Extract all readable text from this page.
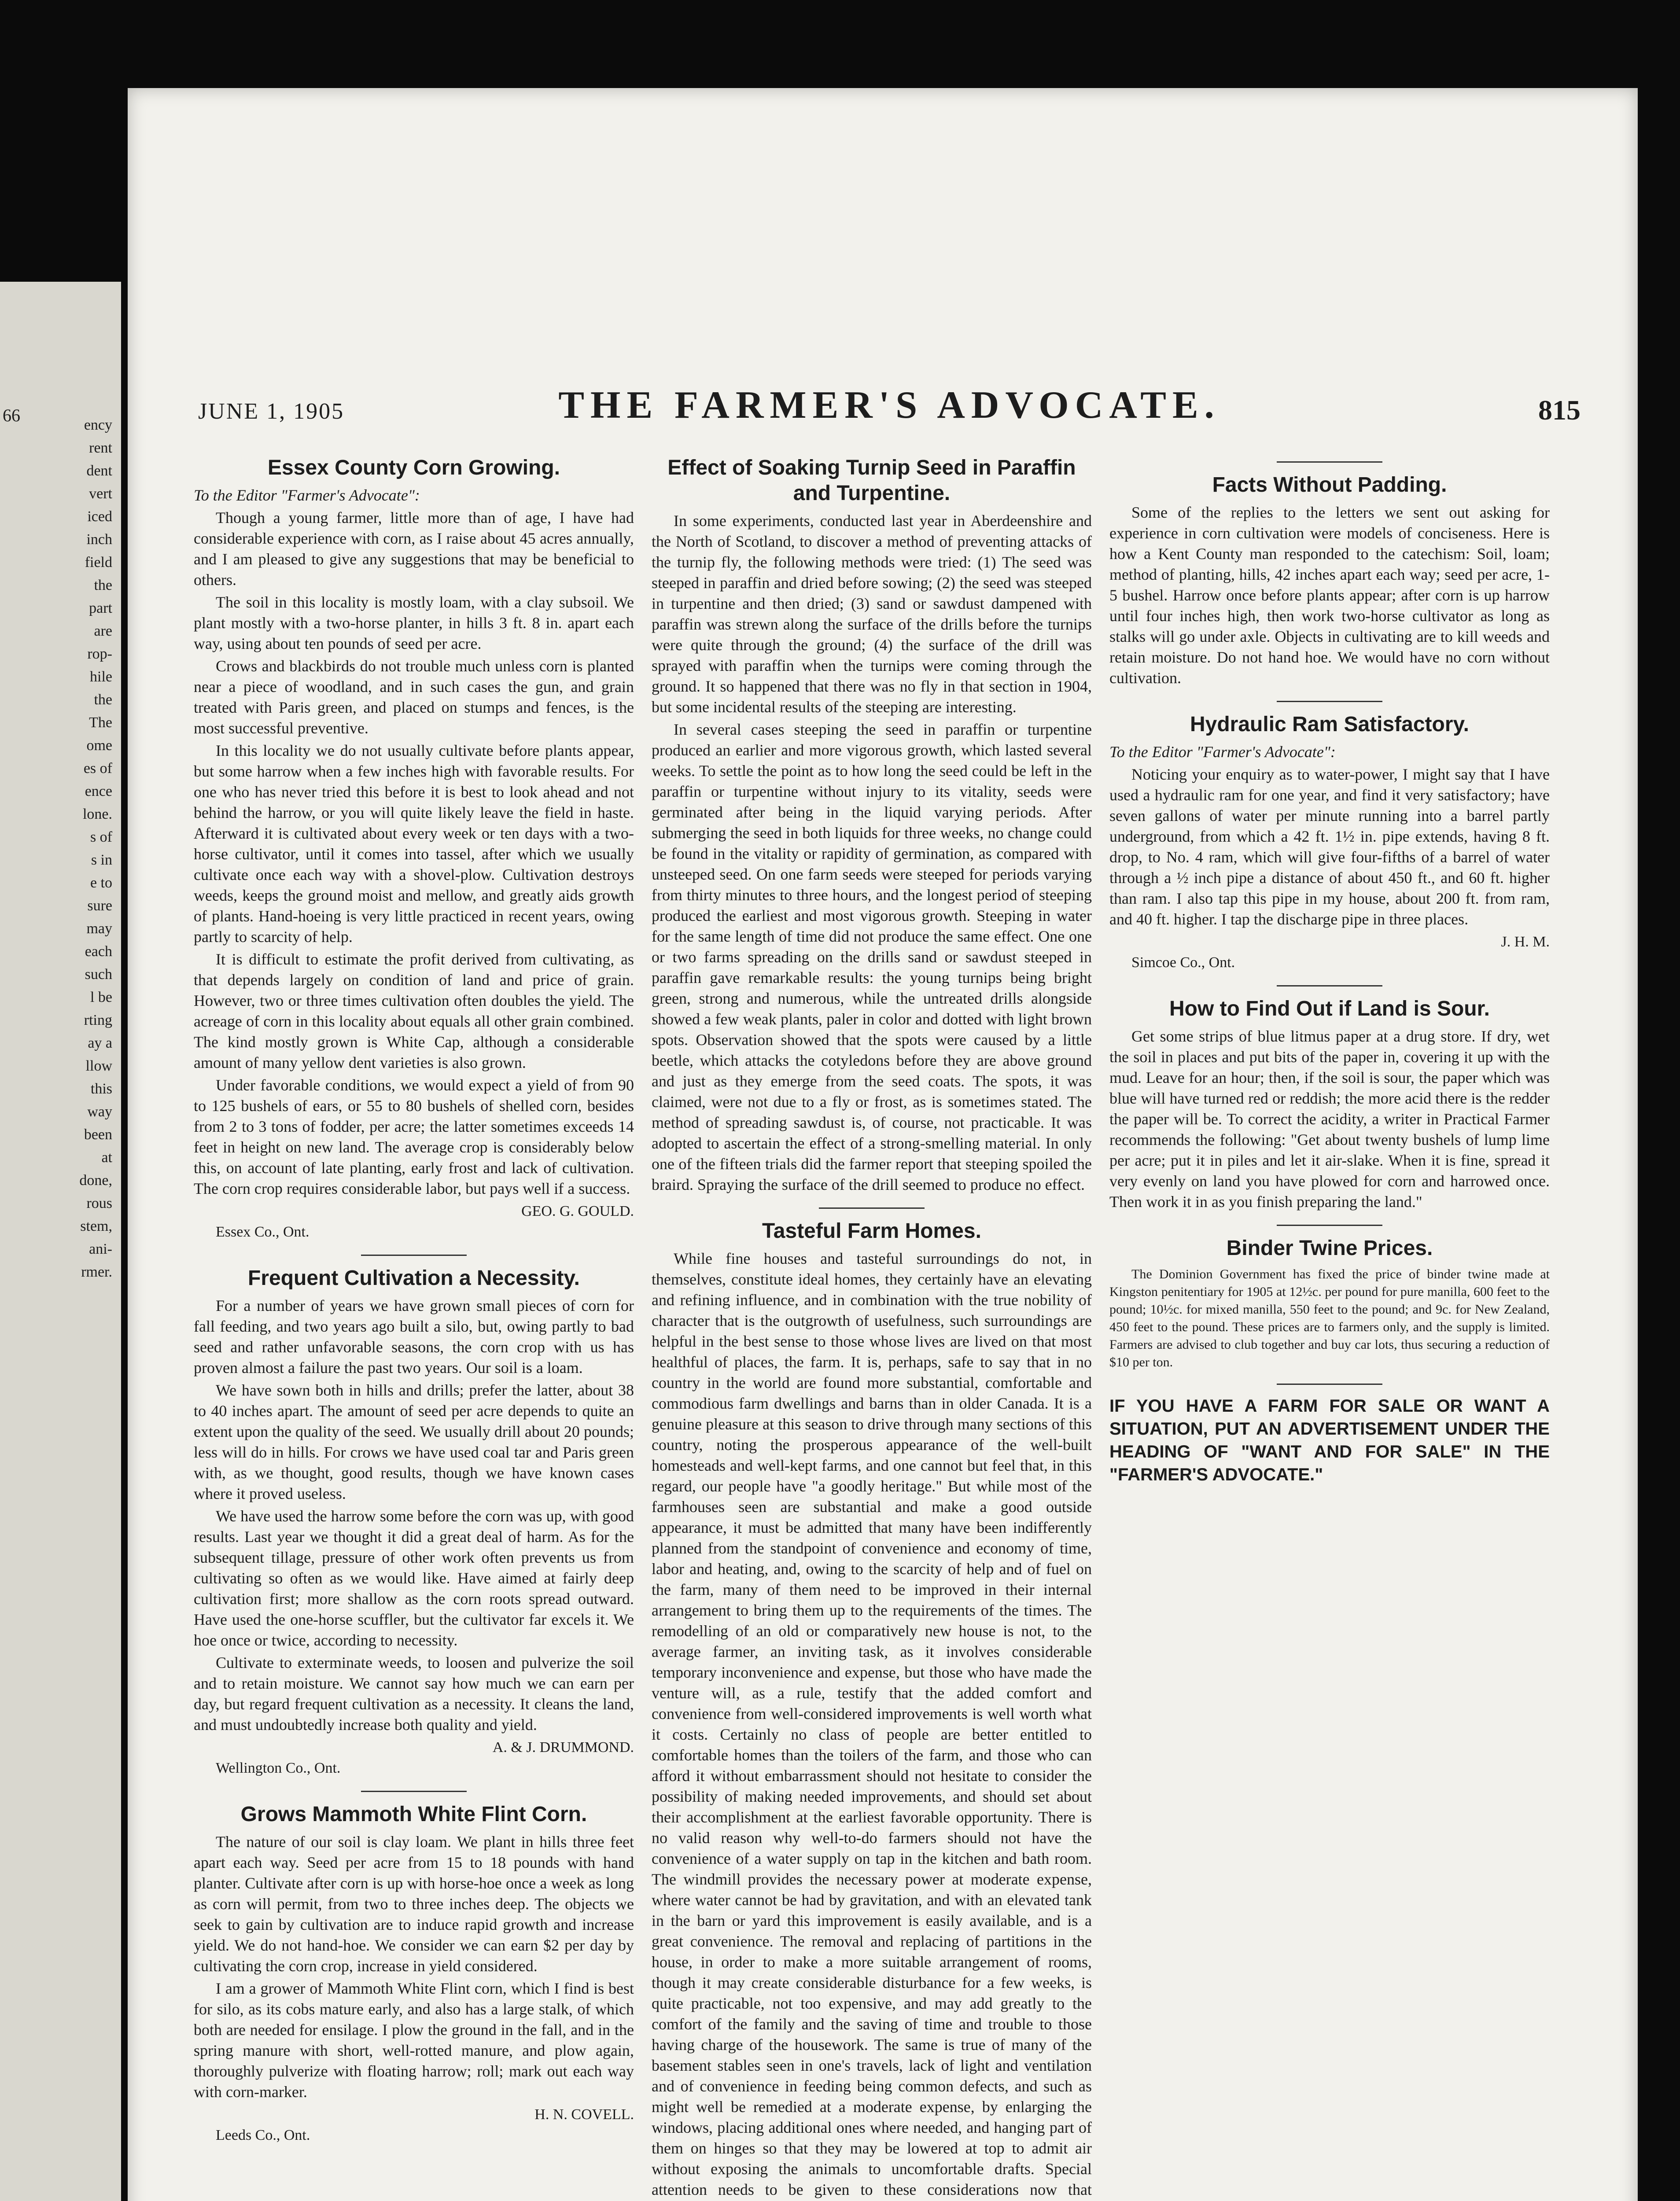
66	ency
rent
dent
vert
iced
inch
field
the
part
are
rop-
hile
the
The
ome
es of
ence
lone.
s of
s in
e to
sure
may
each
such
l be
rting
ay a
llow
this
way
been
at
done,
rous
stem,
ani-
rmer.
JUNE 1, 1905	THE FARMER'S ADVOCATE.	815
Essex County Corn Growing.

To the Editor "Farmer's Advocate":

Though a young farmer, little more than of age, I have had considerable experience with corn, as I raise about 45 acres annually, and I am pleased to give any suggestions that may be beneficial to others.

The soil in this locality is mostly loam, with a clay subsoil. We plant mostly with a two-horse planter, in hills 3 ft. 8 in. apart each way, using about ten pounds of seed per acre.

Crows and blackbirds do not trouble much unless corn is planted near a piece of woodland, and in such cases the gun, and grain treated with Paris green, and placed on stumps and fences, is the most successful preventive.

In this locality we do not usually cultivate before plants appear, but some harrow when a few inches high with favorable results. For one who has never tried this before it is best to look ahead and not behind the harrow, or you will quite likely leave the field in haste. Afterward it is cultivated about every week or ten days with a two-horse cultivator, until it comes into tassel, after which we usually cultivate once each way with a shovel-plow. Cultivation destroys weeds, keeps the ground moist and mellow, and greatly aids growth of plants. Hand-hoeing is very little practiced in recent years, owing partly to scarcity of help.

It is difficult to estimate the profit derived from cultivating, as that depends largely on condition of land and price of grain. However, two or three times cultivation often doubles the yield. The acreage of corn in this locality about equals all other grain combined. The kind mostly grown is White Cap, although a considerable amount of many yellow dent varieties is also grown.

Under favorable conditions, we would expect a yield of from 90 to 125 bushels of ears, or 55 to 80 bushels of shelled corn, besides from 2 to 3 tons of fodder, per acre; the latter sometimes exceeds 14 feet in height on new land. The average crop is considerably below this, on account of late planting, early frost and lack of cultivation. The corn crop requires considerable labor, but pays well if a success.

GEO. G. GOULD.

Essex Co., Ont.

Frequent Cultivation a Necessity.

For a number of years we have grown small pieces of corn for fall feeding, and two years ago built a silo, but, owing partly to bad seed and rather unfavorable seasons, the corn crop with us has proven almost a failure the past two years. Our soil is a loam.

We have sown both in hills and drills; prefer the latter, about 38 to 40 inches apart. The amount of seed per acre depends to quite an extent upon the quality of the seed. We usually drill about 20 pounds; less will do in hills. For crows we have used coal tar and Paris green with, as we thought, good results, though we have known cases where it proved useless.

We have used the harrow some before the corn was up, with good results. Last year we thought it did a great deal of harm. As for the subsequent tillage, pressure of other work often prevents us from cultivating so often as we would like. Have aimed at fairly deep cultivation first; more shallow as the corn roots spread outward. Have used the one-horse scuffler, but the cultivator far excels it. We hoe once or twice, according to necessity.

Cultivate to exterminate weeds, to loosen and pulverize the soil and to retain moisture. We cannot say how much we can earn per day, but regard frequent cultivation as a necessity. It cleans the land, and must undoubtedly increase both quality and yield.

A. & J. DRUMMOND.

Wellington Co., Ont.

Grows Mammoth White Flint Corn.

The nature of our soil is clay loam. We plant in hills three feet apart each way. Seed per acre from 15 to 18 pounds with hand planter. Cultivate after corn is up with horse-hoe once a week as long as corn will permit, from two to three inches deep. The objects we seek to gain by cultivation are to induce rapid growth and increase yield. We do not hand-hoe. We consider we can earn $2 per day by cultivating the corn crop, increase in yield considered.

I am a grower of Mammoth White Flint corn, which I find is best for silo, as its cobs mature early, and also has a large stalk, of which both are needed for ensilage. I plow the ground in the fall, and in the spring manure with short, well-rotted manure, and plow again, thoroughly pulverize with floating harrow; roll; mark out each way with corn-marker.

H. N. COVELL.

Leeds Co., Ont.

Effect of Soaking Turnip Seed in Paraffin and Turpentine.

In some experiments, conducted last year in Aberdeenshire and the North of Scotland, to discover a method of preventing attacks of the turnip fly, the following methods were tried: (1) The seed was steeped in paraffin and dried before sowing; (2) the seed was steeped in turpentine and then dried; (3) sand or sawdust dampened with paraffin was strewn along the surface of the drills before the turnips were quite through the ground; (4) the surface of the drill was sprayed with paraffin when the turnips were coming through the ground. It so happened that there was no fly in that section in 1904, but some incidental results of the steeping are interesting.

In several cases steeping the seed in paraffin or turpentine produced an earlier and more vigorous growth, which lasted several weeks. To settle the point as to how long the seed could be left in the paraffin or turpentine without injury to its vitality, seeds were germinated after being in the liquid varying periods. After submerging the seed in both liquids for three weeks, no change could be found in the vitality or rapidity of germination, as compared with unsteeped seed. On one farm seeds were steeped for periods varying from thirty minutes to three hours, and the longest period of steeping produced the earliest and most vigorous growth. Steeping in water for the same length of time did not produce the same effect. One one or two farms spreading on the drills sand or sawdust steeped in paraffin gave remarkable results: the young turnips being bright green, strong and numerous, while the untreated drills alongside showed a few weak plants, paler in color and dotted with light brown spots. Observation showed that the spots were caused by a little beetle, which attacks the cotyledons before they are above ground and just as they emerge from the seed coats. The spots, it was claimed, were not due to a fly or frost, as is sometimes stated. The method of spreading sawdust is, of course, not practicable. It was adopted to ascertain the effect of a strong-smelling material. In only one of the fifteen trials did the farmer report that steeping spoiled the braird. Spraying the surface of the drill seemed to produce no effect.

Tasteful Farm Homes.

While fine houses and tasteful surroundings do not, in themselves, constitute ideal homes, they certainly have an elevating and refining influence, and in combination with the true nobility of character that is the outgrowth of usefulness, such surroundings are helpful in the best sense to those whose lives are lived on that most healthful of places, the farm. It is, perhaps, safe to say that in no country in the world are found more substantial, comfortable and commodious farm dwellings and barns than in older Canada. It is a genuine pleasure at this season to drive through many sections of this country, noting the prosperous appearance of the well-built homesteads and well-kept farms, and one cannot but feel that, in this regard, our people have "a goodly heritage." But while most of the farmhouses seen are substantial and make a good outside appearance, it must be admitted that many have been indifferently planned from the standpoint of convenience and economy of time, labor and heating, and, owing to the scarcity of help and of fuel on the farm, many of them need to be improved in their internal arrangement to bring them up to the requirements of the times. The remodelling of an old or comparatively new house is not, to the average farmer, an inviting task, as it involves considerable temporary inconvenience and expense, but those who have made the venture will, as a rule, testify that the added comfort and convenience from well-considered improvements is well worth what it costs. Certainly no class of people are better entitled to comfortable homes than the toilers of the farm, and those who can afford it without embarrassment should not hesitate to consider the possibility of making needed improvements, and should set about their accomplishment at the earliest favorable opportunity. There is no valid reason why well-to-do farmers should not have the convenience of a water supply on tap in the kitchen and bath room. The windmill provides the necessary power at moderate expense, where water cannot be had by gravitation, and with an elevated tank in the barn or yard this improvement is easily available, and is a great convenience. The removal and replacing of partitions in the house, in order to make a more suitable arrangement of rooms, though it may create considerable disturbance for a few weeks, is quite practicable, not too expensive, and may add greatly to the comfort of the family and the saving of time and trouble to those having charge of the housework. The same is true of many of the basement stables seen in one's travels, lack of light and ventilation and of convenience in feeding being common defects, and such as might well be remedied at a moderate expense, by enlarging the windows, placing additional ones where needed, and hanging part of them on hinges so that they may be lowered at top to admit air without exposing the animals to uncomfortable drafts. Special attention needs to be given to these considerations now that

Facts Without Padding.

Some of the replies to the letters we sent out asking for experience in corn cultivation were models of conciseness. Here is how a Kent County man responded to the catechism: Soil, loam; method of planting, hills, 42 inches apart each way; seed per acre, 1-5 bushel. Harrow once before plants appear; after corn is up harrow until four inches high, then work two-horse cultivator as long as stalks will go under axle. Objects in cultivating are to kill weeds and retain moisture. Do not hand hoe. We would have no corn without cultivation.

Hydraulic Ram Satisfactory.

To the Editor "Farmer's Advocate":

Noticing your enquiry as to water-power, I might say that I have used a hydraulic ram for one year, and find it very satisfactory; have seven gallons of water per minute running into a barrel partly underground, from which a 42 ft. 1½ in. pipe extends, having 8 ft. drop, to No. 4 ram, which will give four-fifths of a barrel of water through a ½ inch pipe a distance of about 450 ft., and 60 ft. higher than ram. I also tap this pipe in my house, about 200 ft. from ram, and 40 ft. higher. I tap the discharge pipe in three places.

J. H. M.

Simcoe Co., Ont.

How to Find Out if Land is Sour.

Get some strips of blue litmus paper at a drug store. If dry, wet the soil in places and put bits of the paper in, covering it up with the mud. Leave for an hour; then, if the soil is sour, the paper which was blue will have turned red or reddish; the more acid there is the redder the paper will be. To correct the acidity, a writer in Practical Farmer recommends the following: "Get about twenty bushels of lump lime per acre; put it in piles and let it air-slake. When it is fine, spread it very evenly on land you have plowed for corn and harrowed once. Then work it in as you finish preparing the land."

Binder Twine Prices.

The Dominion Government has fixed the price of binder twine made at Kingston penitentiary for 1905 at 12½c. per pound for pure manilla, 600 feet to the pound; 10½c. for mixed manilla, 550 feet to the pound; and 9c. for New Zealand, 450 feet to the pound. These prices are to farmers only, and the supply is limited. Farmers are advised to club together and buy car lots, thus securing a reduction of $10 per ton.

IF YOU HAVE A FARM FOR SALE OR WANT A SITUATION, PUT AN ADVERTISEMENT UNDER THE HEADING OF "WANT AND FOR SALE" IN THE "FARMER'S ADVOCATE."
